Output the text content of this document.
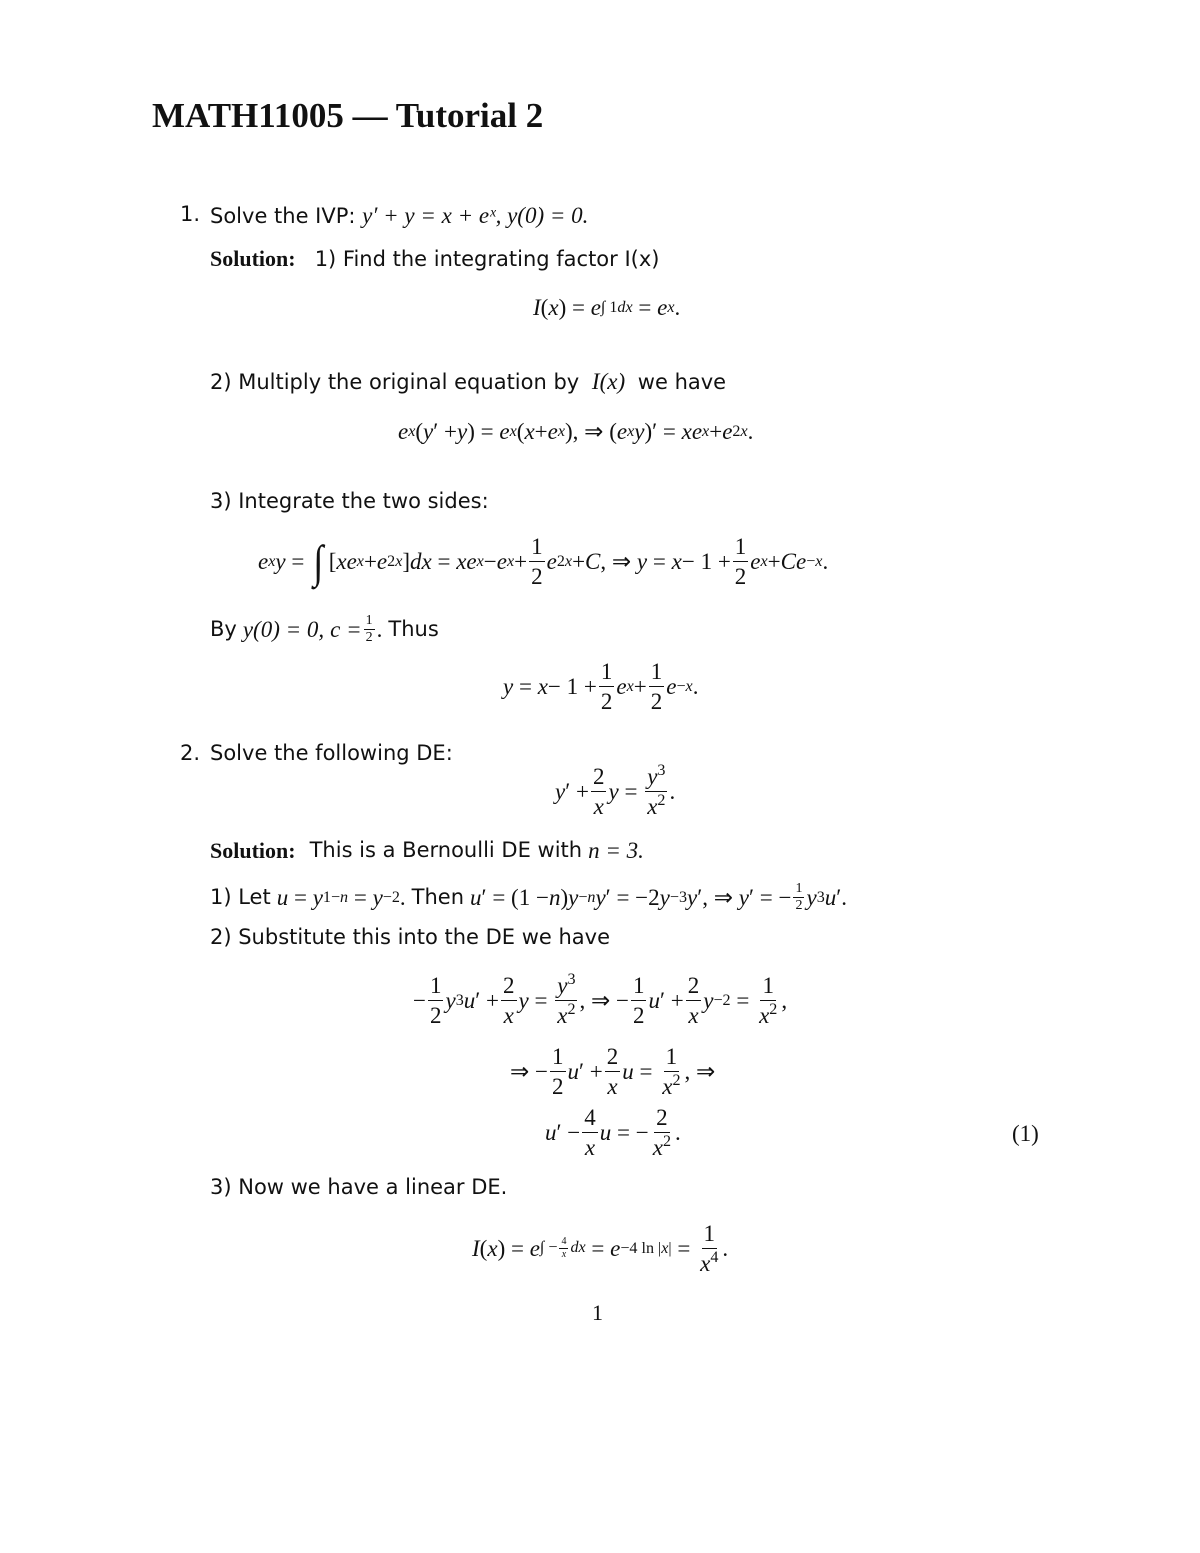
MATH11005 — Tutorial 2
1. Solve the IVP: y′ + y = x + eˣ, y(0) = 0.
Solution: 1) Find the integrating factor I(x)
I ( x ) = e ∫ 1dx = e x .
2) Multiply the original equation by I(x) we have
e x ( y ′ + y ) = e x ( x + e x ), ⇒ ( e x y )′ = xe x + e 2x .
3) Integrate the two sides:
e x y = ∫ [ xe x + e 2x ] dx = xe x − e $x + \frac{1}{2}$ e 2x + C , ⇒ $y = x - 1 + \frac{1}{2}$ e x + Ce −x .
By y(0) = 0, $c = \frac{1}{2}$ . Thus
$y = x - 1 + \frac{1}{2}$ e $x + \frac{1}{2}$ e −x .
2. Solve the following DE:
y ′ + $\frac{2}{x}$ $y = \frac{y^3}{x^2}$ .
Solution: This is a Bernoulli DE with n = 3.
1) Let u = y 1−n = y −2 . Then u ′ = (1 − n ) y −n y ′ = −2 y −3 y ′, ⇒ y ′ = − $\frac{1}{2}$ y 3 u ′.
2) Substitute this into the DE we have
− $\frac{1}{2}$ y 3 u ′ + $\frac{2}{x}$ $y = \frac{y^3}{x^2}$ , ⇒ − $\frac{1}{2}$ u ′ + $\frac{2}{x}$ $y -2 = \frac{1}{x^2}$ ,
⇒ − $\frac{1}{2}$ u ′ + $\frac{2}{x}$ $u = \frac{1}{x^2}$ , ⇒
u ′ − $\frac{4}{x}$ u = − $\frac{2}{x^2}$ .	(1)
3) Now we have a linear DE.
I ( x ) = e ∫ − $\frac{4}{x}$ dx = e −4 $\ln |x| = \frac{1}{x^4}$ .
1
